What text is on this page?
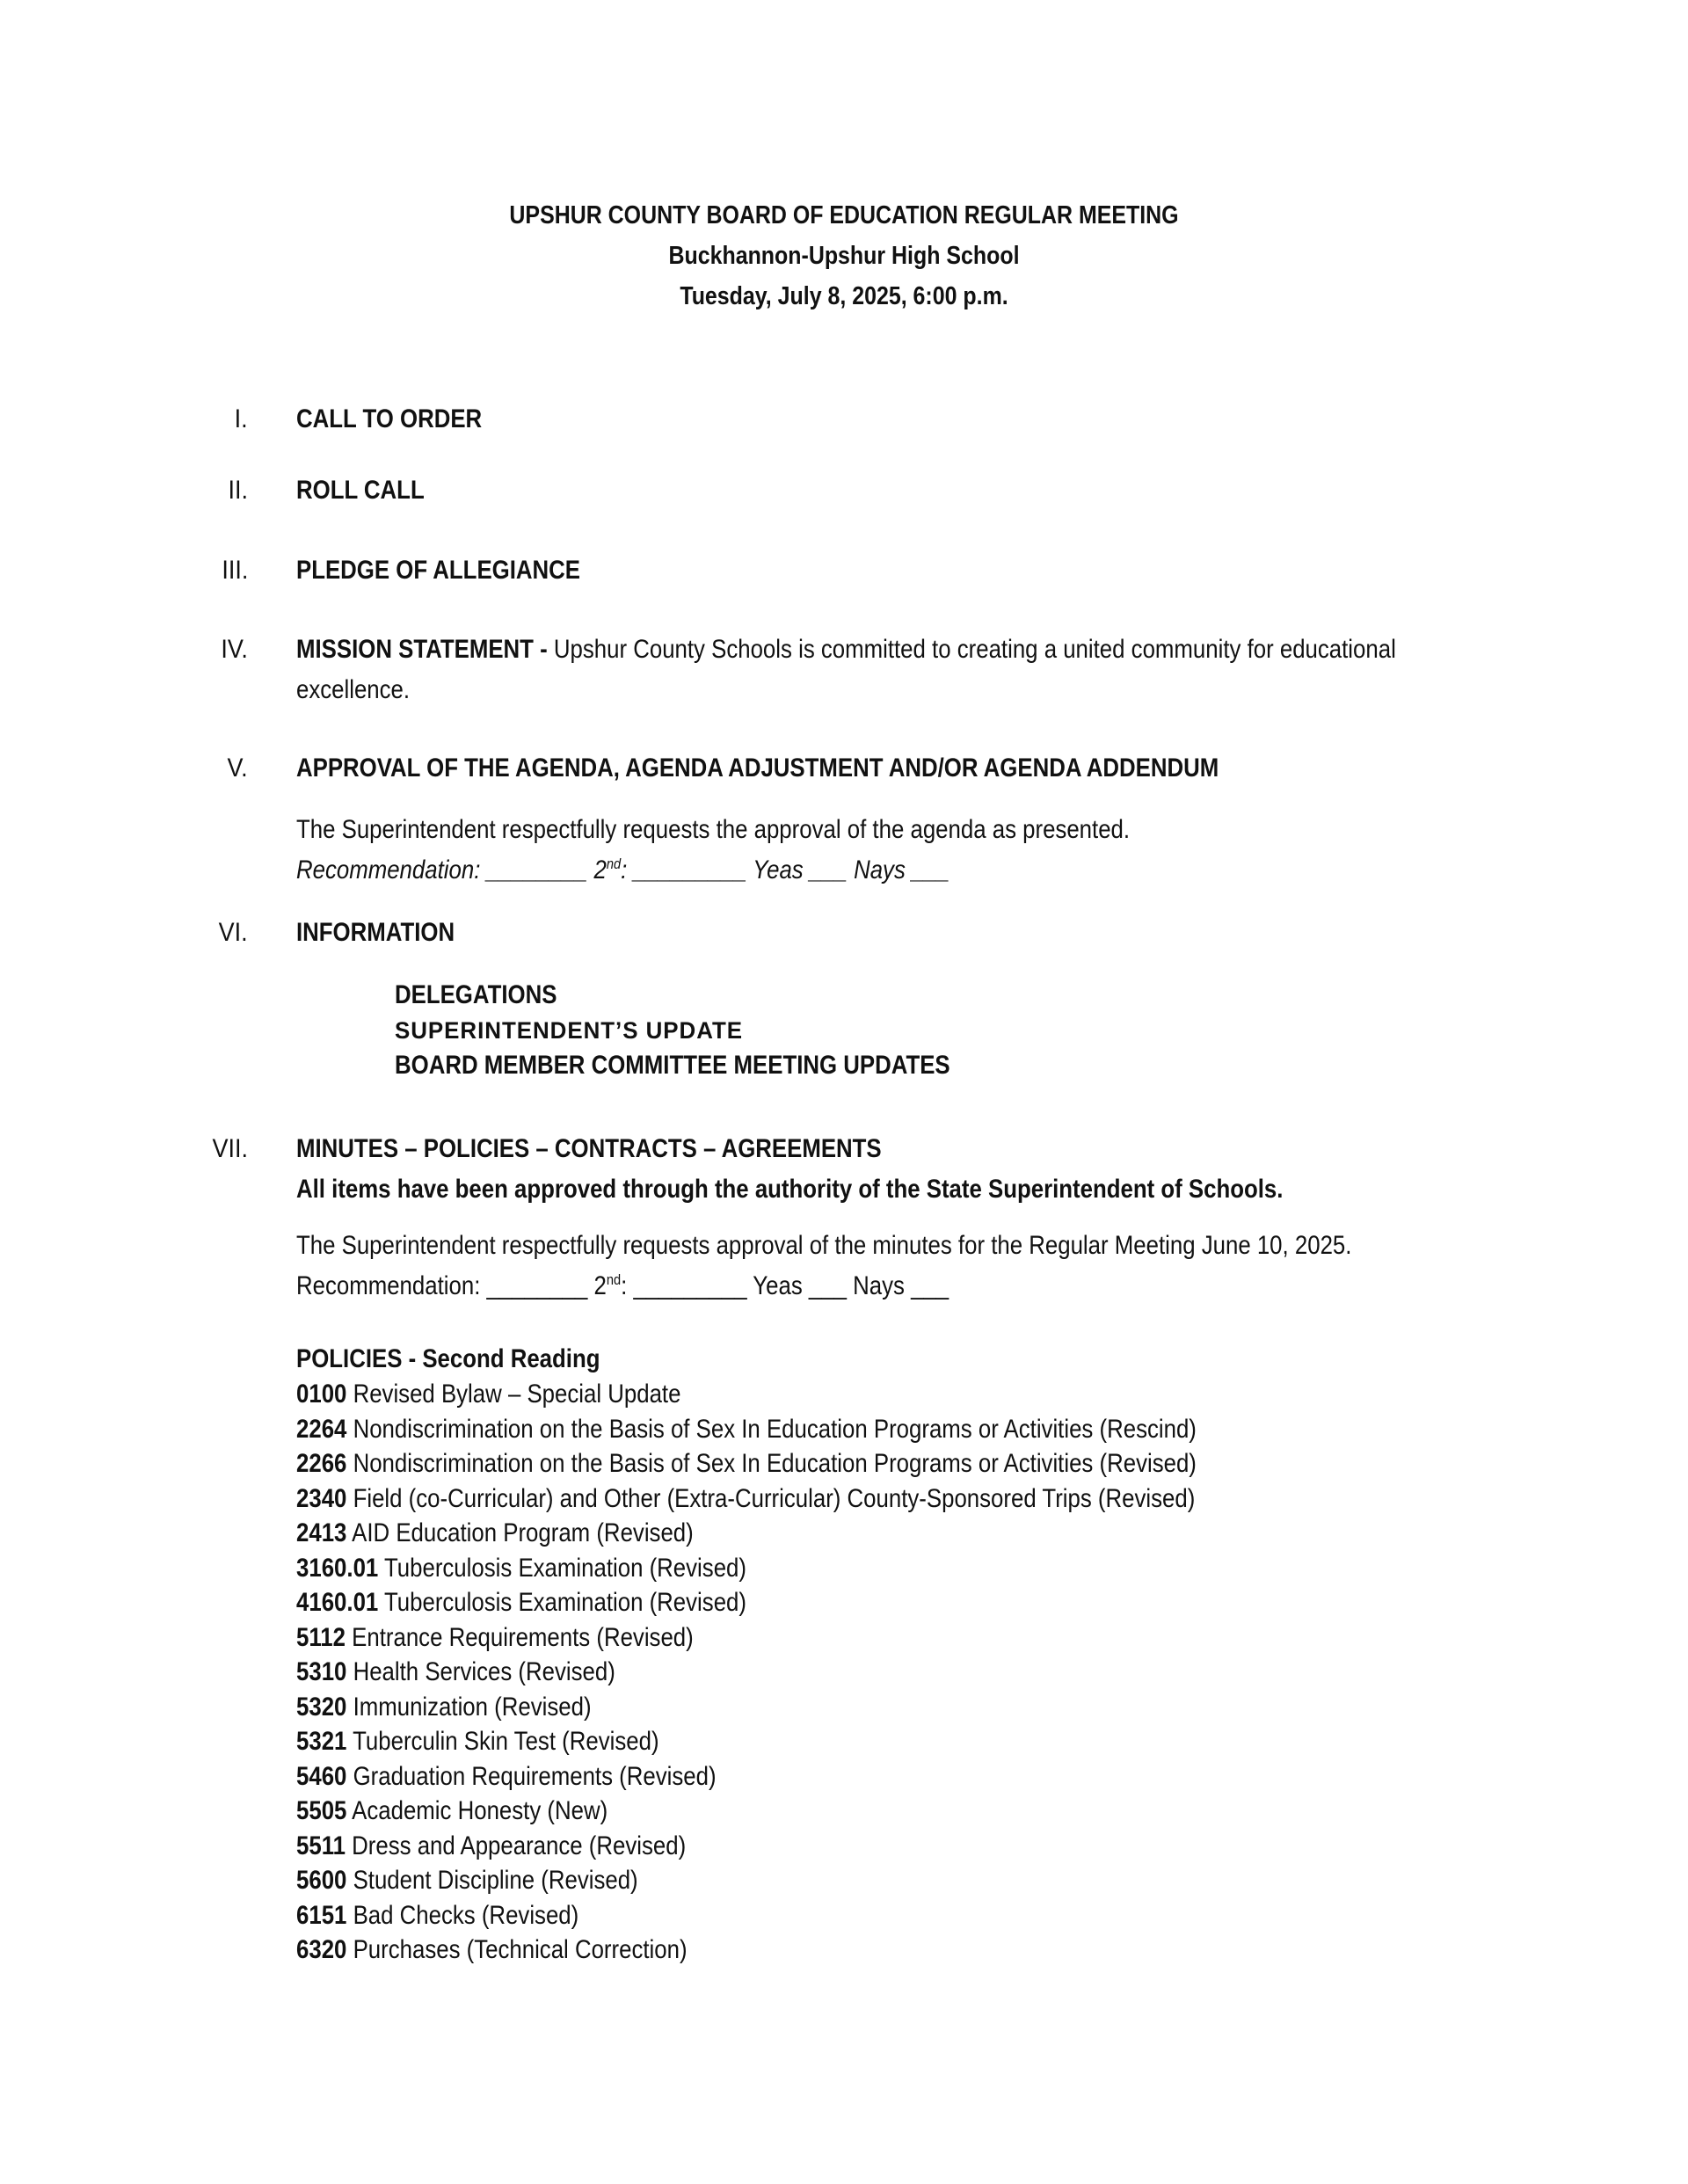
UPSHUR COUNTY BOARD OF EDUCATION REGULAR MEETING
Buckhannon-Upshur High School
Tuesday, July 8, 2025, 6:00 p.m.
I. CALL TO ORDER
II. ROLL CALL
III. PLEDGE OF ALLEGIANCE
IV. MISSION STATEMENT - Upshur County Schools is committed to creating a united community for educational
excellence.
V. APPROVAL OF THE AGENDA, AGENDA ADJUSTMENT AND/OR AGENDA ADDENDUM
The Superintendent respectfully requests the approval of the agenda as presented.
Recommendation: ________ 2nd: _________ Yeas ___ Nays ___
VI. INFORMATION
DELEGATIONS
SUPERINTENDENT’S UPDATE
BOARD MEMBER COMMITTEE MEETING UPDATES
VII. MINUTES – POLICIES – CONTRACTS – AGREEMENTS
All items have been approved through the authority of the State Superintendent of Schools.
The Superintendent respectfully requests approval of the minutes for the Regular Meeting June 10, 2025.
Recommendation: ________ 2nd: _________ Yeas ___ Nays ___
POLICIES - Second Reading
0100 Revised Bylaw – Special Update
2264 Nondiscrimination on the Basis of Sex In Education Programs or Activities (Rescind)
2266 Nondiscrimination on the Basis of Sex In Education Programs or Activities (Revised)
2340 Field (co-Curricular) and Other (Extra-Curricular) County-Sponsored Trips (Revised)
2413 AID Education Program (Revised)
3160.01 Tuberculosis Examination (Revised)
4160.01 Tuberculosis Examination (Revised)
5112 Entrance Requirements (Revised)
5310 Health Services (Revised)
5320 Immunization (Revised)
5321 Tuberculin Skin Test (Revised)
5460 Graduation Requirements (Revised)
5505 Academic Honesty (New)
5511 Dress and Appearance (Revised)
5600 Student Discipline (Revised)
6151 Bad Checks (Revised)
6320 Purchases (Technical Correction)
